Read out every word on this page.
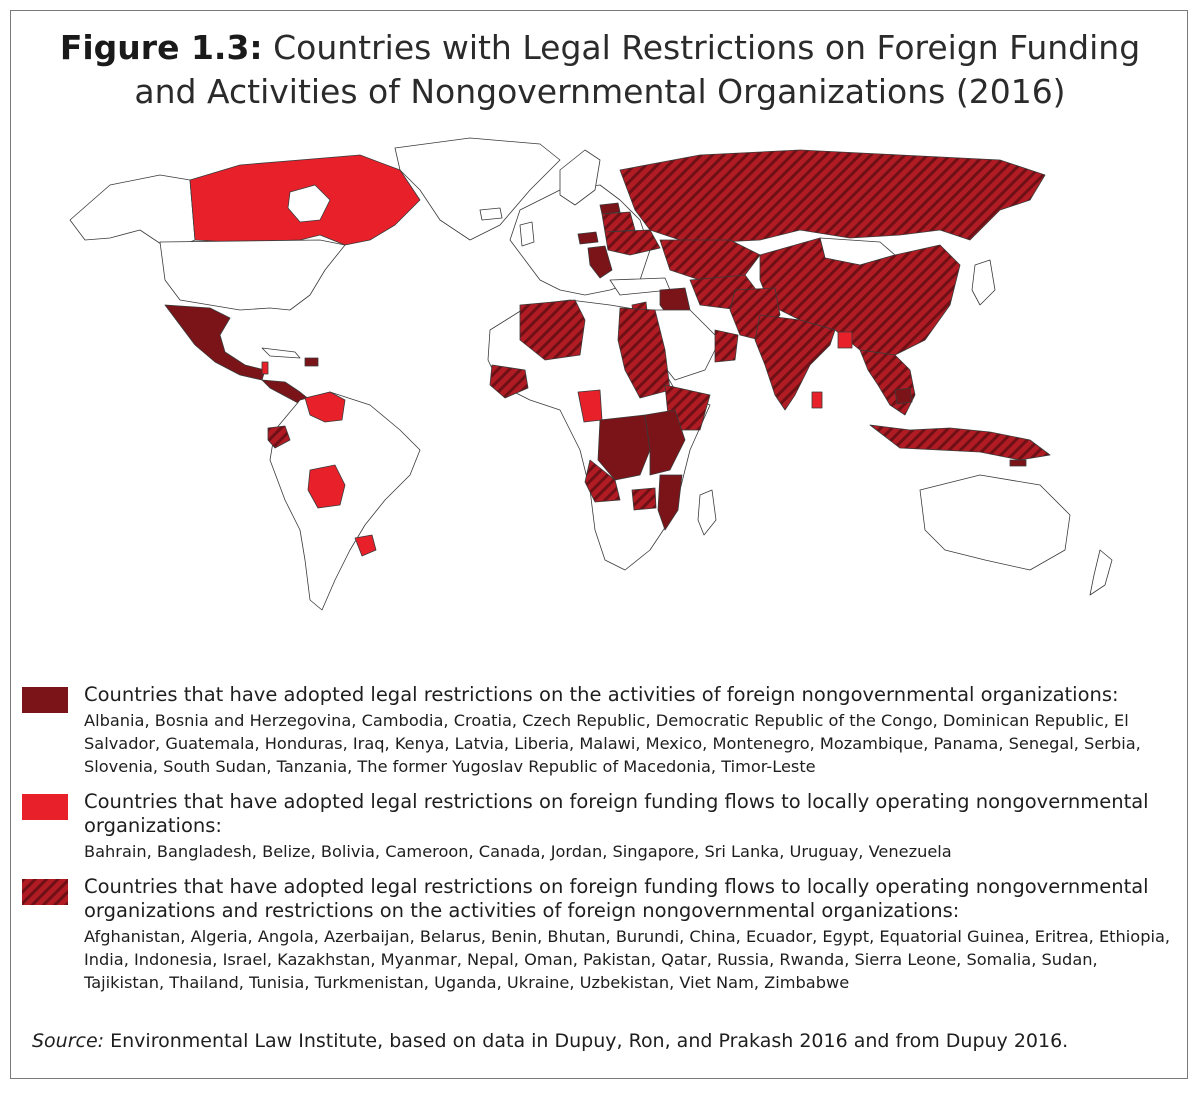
Figure 1.3: Countries with Legal Restrictions on Foreign Funding and Activities of Nongovernmental Organizations (2016)
Countries that have adopted legal restrictions on the activities of foreign nongovernmental organizations:
Albania, Bosnia and Herzegovina, Cambodia, Croatia, Czech Republic, Democratic Republic of the Congo, Dominican Republic, El Salvador, Guatemala, Honduras, Iraq, Kenya, Latvia, Liberia, Malawi, Mexico, Montenegro, Mozambique, Panama, Senegal, Serbia, Slovenia, South Sudan, Tanzania, The former Yugoslav Republic of Macedonia, Timor-Leste
Countries that have adopted legal restrictions on foreign funding flows to locally operating nongovernmental organizations:
Bahrain, Bangladesh, Belize, Bolivia, Cameroon, Canada, Jordan, Singapore, Sri Lanka, Uruguay, Venezuela
Countries that have adopted legal restrictions on foreign funding flows to locally operating nongovernmental organizations and restrictions on the activities of foreign nongovernmental organizations:
Afghanistan, Algeria, Angola, Azerbaijan, Belarus, Benin, Bhutan, Burundi, China, Ecuador, Egypt, Equatorial Guinea, Eritrea, Ethiopia, India, Indonesia, Israel, Kazakhstan, Myanmar, Nepal, Oman, Pakistan, Qatar, Russia, Rwanda, Sierra Leone, Somalia, Sudan, Tajikistan, Thailand, Tunisia, Turkmenistan, Uganda, Ukraine, Uzbekistan, Viet Nam, Zimbabwe
Source: Environmental Law Institute, based on data in Dupuy, Ron, and Prakash 2016 and from Dupuy 2016.
